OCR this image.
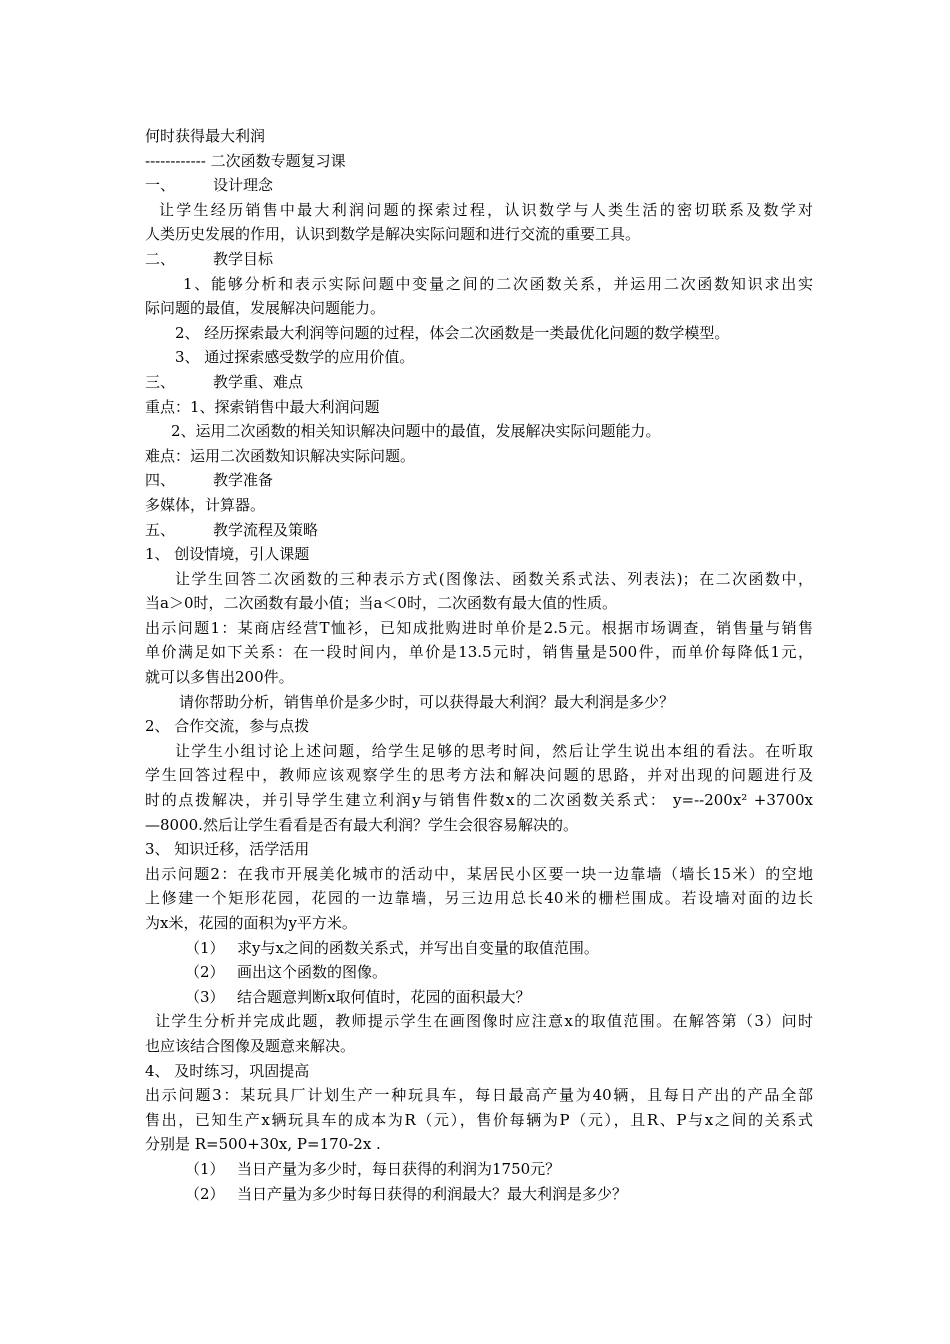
何时获得最大利润
------------ 二次函数专题复习课
一、	设计理念
让学生经历销售中最大利润问题的探索过程，认识数学与人类生活的密切联系及数学对
人类历史发展的作用，认识到数学是解决实际问题和进行交流的重要工具。
二、	教学目标
1、能够分析和表示实际问题中变量之间的二次函数关系，并运用二次函数知识求出实
际问题的最值，发展解决问题能力。
2、 经历探索最大利润等问题的过程，体会二次函数是一类最优化问题的数学模型。
3、 通过探索感受数学的应用价值。
三、	教学重、难点
重点：1、探索销售中最大利润问题
2、运用二次函数的相关知识解决问题中的最值，发展解决实际问题能力。
难点：运用二次函数知识解决实际问题。
四、	教学准备
多媒体，计算器。
五、	教学流程及策略
1、 创设情境，引人课题
让学生回答二次函数的三种表示方式(图像法、函数关系式法、列表法)；在二次函数中，
当a＞0时，二次函数有最小值；当a＜0时，二次函数有最大值的性质。
出示问题1：某商店经营T恤衫，已知成批购进时单价是2.5元。根据市场调查，销售量与销售
单价满足如下关系：在一段时间内，单价是13.5元时，销售量是500件，而单价每降低1元，
就可以多售出200件。
请你帮助分析，销售单价是多少时，可以获得最大利润？最大利润是多少？
2、 合作交流，参与点拨
让学生小组讨论上述问题，给学生足够的思考时间，然后让学生说出本组的看法。在听取
学生回答过程中，教师应该观察学生的思考方法和解决问题的思路，并对出现的问题进行及
时的点拨解决，并引导学生建立利润y与销售件数x的二次函数关系式： y=--200x² +3700x
—8000.然后让学生看看是否有最大利润？学生会很容易解决的。
3、 知识迁移，活学活用
出示问题2：在我市开展美化城市的活动中，某居民小区要一块一边靠墙（墙长15米）的空地
上修建一个矩形花园，花园的一边靠墙，另三边用总长40米的栅栏围成。若设墙对面的边长
为x米，花园的面积为y平方米。
（1） 求y与x之间的函数关系式，并写出自变量的取值范围。
（2） 画出这个函数的图像。
（3） 结合题意判断x取何值时，花园的面积最大？
让学生分析并完成此题，教师提示学生在画图像时应注意x的取值范围。在解答第（3）问时
也应该结合图像及题意来解决。
4、 及时练习，巩固提高
出示问题3：某玩具厂计划生产一种玩具车，每日最高产量为40辆，且每日产出的产品全部
售出，已知生产x辆玩具车的成本为R（元），售价每辆为P（元），且R、P与x之间的关系式
分别是 R=500+30x, P=170-2x .
（1） 当日产量为多少时，每日获得的利润为1750元？
（2） 当日产量为多少时每日获得的利润最大？最大利润是多少？
